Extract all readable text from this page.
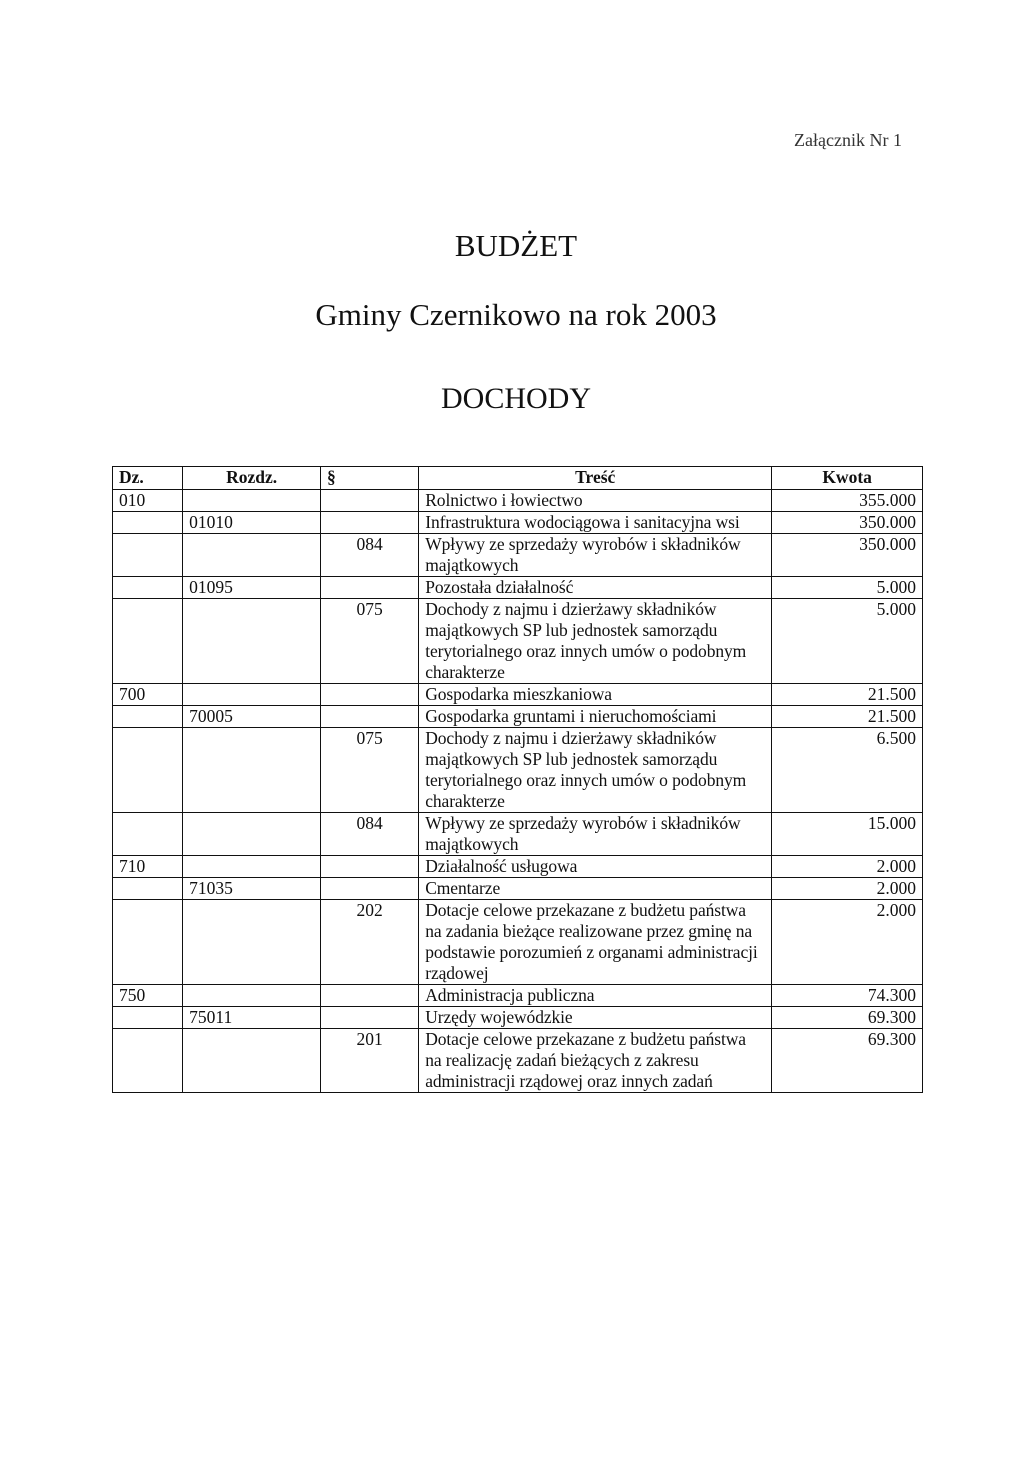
Załącznik Nr 1
BUDŻET
Gminy Czernikowo na rok 2003
DOCHODY
Dz.	Rozdz.	§	Treść	Kwota
010			Rolnictwo i łowiectwo	355.000
	01010		Infrastruktura wodociągowa i sanitacyjna wsi	350.000
		084	Wpływy ze sprzedaży wyrobów i składników majątkowych	350.000
	01095		Pozostała działalność	5.000
		075	Dochody z najmu i dzierżawy składników majątkowych SP lub jednostek samorządu terytorialnego oraz innych umów o podobnym charakterze	5.000
700			Gospodarka mieszkaniowa	21.500
	70005		Gospodarka gruntami i nieruchomościami	21.500
		075	Dochody z najmu i dzierżawy składników majątkowych SP lub jednostek samorządu terytorialnego oraz innych umów o podobnym charakterze	6.500
		084	Wpływy ze sprzedaży wyrobów i składników majątkowych	15.000
710			Działalność usługowa	2.000
	71035		Cmentarze	2.000
		202	Dotacje celowe przekazane z budżetu państwa na zadania bieżące realizowane przez gminę na podstawie porozumień z organami administracji rządowej	2.000
750			Administracja publiczna	74.300
	75011		Urzędy wojewódzkie	69.300
		201	Dotacje celowe przekazane z budżetu państwa na realizację zadań bieżących z zakresu administracji rządowej oraz innych zadań	69.300
